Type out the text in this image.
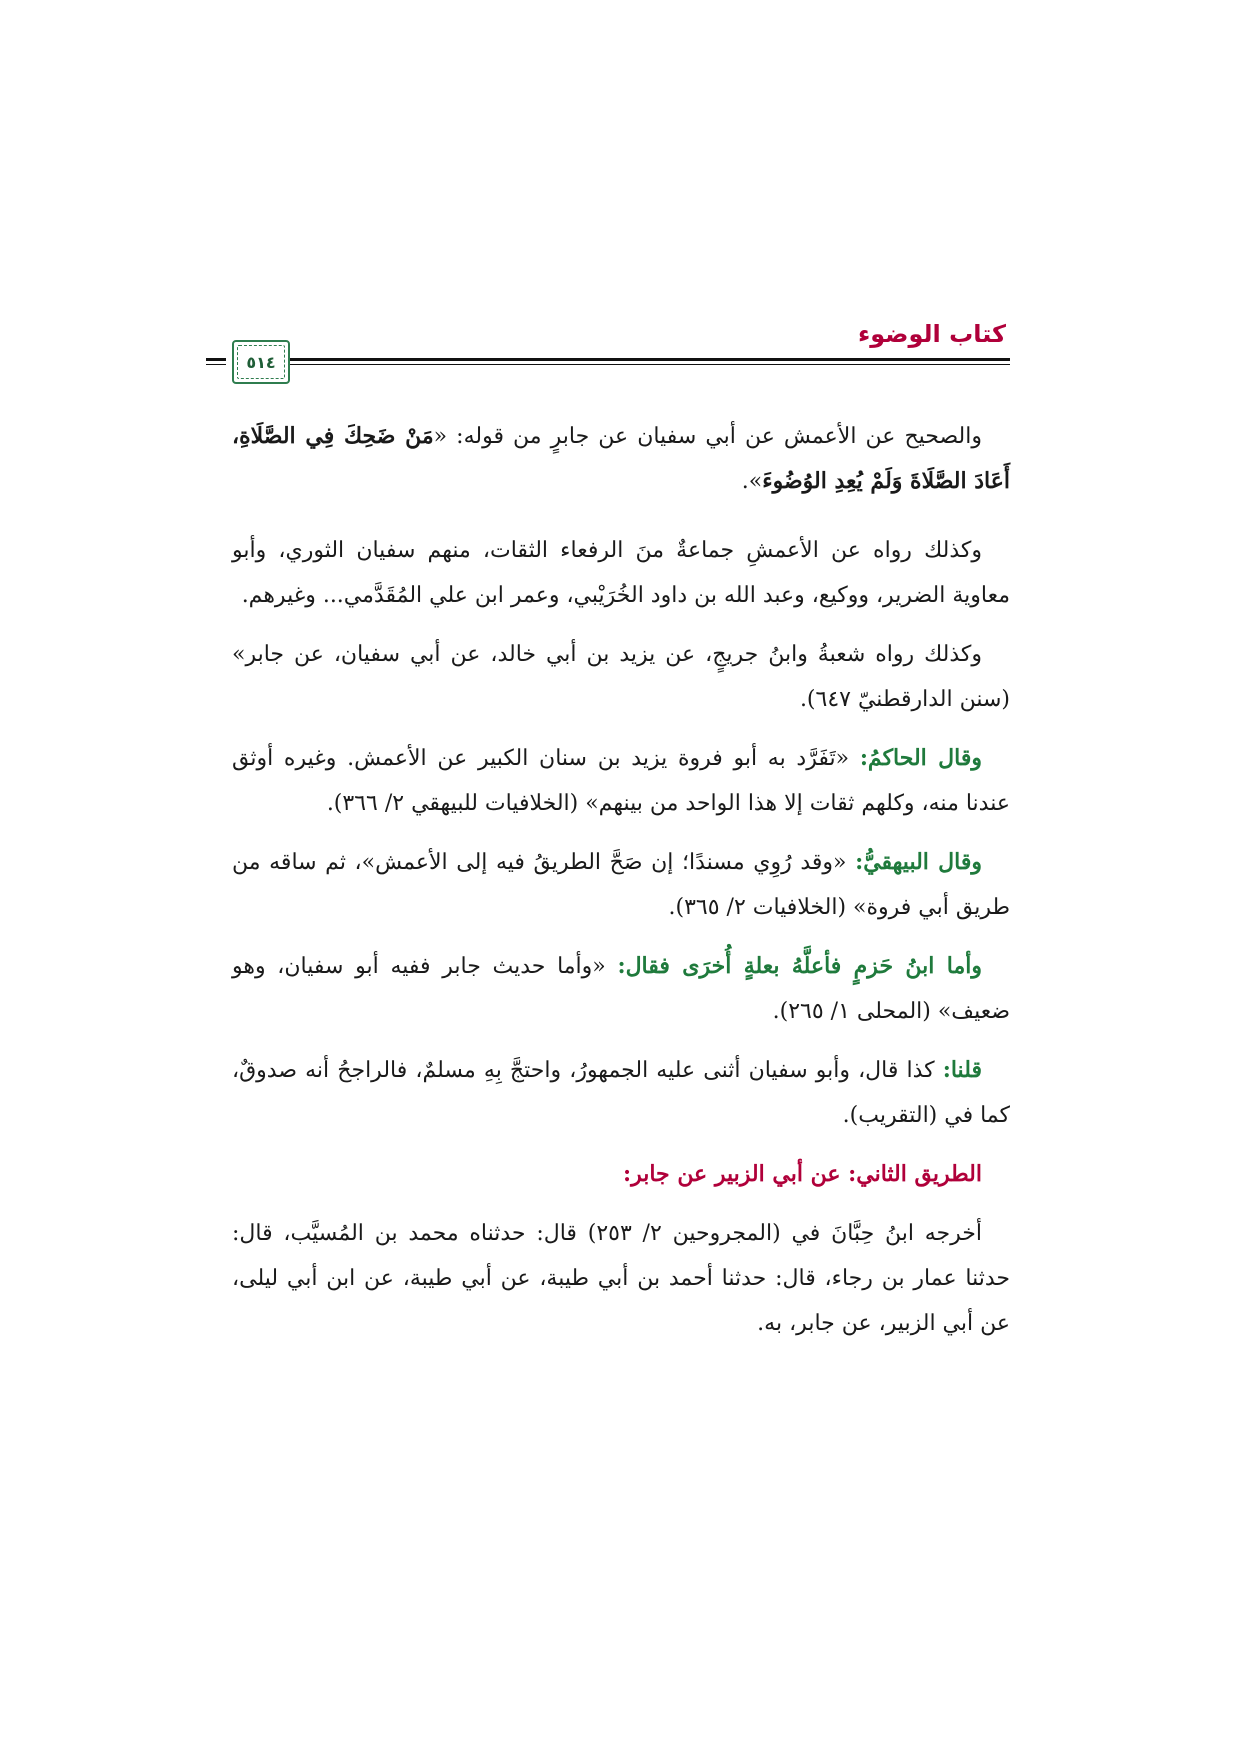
كتاب الوضوء
٥١٤

والصحيح عن الأعمش عن أبي سفيان عن جابرٍ من قوله: «مَنْ ضَحِكَ فِي الصَّلَاةِ، أَعَادَ الصَّلَاةَ وَلَمْ يُعِدِ الوُضُوءَ».

وكذلك رواه عن الأعمشِ جماعةٌ منَ الرفعاء الثقات، منهم سفيان الثوري، وأبو معاوية الضرير، ووكيع، وعبد الله بن داود الخُرَيْبي، وعمر ابن علي المُقَدَّمي... وغيرهم.

وكذلك رواه شعبةُ وابنُ جريجٍ، عن يزيد بن أبي خالد، عن أبي سفيان، عن جابر» (سنن الدارقطنيّ ٦٤٧).

وقال الحاكمُ: «تَفَرَّد به أبو فروة يزيد بن سنان الكبير عن الأعمش. وغيره أوثق عندنا منه، وكلهم ثقات إلا هذا الواحد من بينهم» (الخلافيات للبيهقي ٢/ ٣٦٦).

وقال البيهقيُّ: «وقد رُوِي مسندًا؛ إن صَحَّ الطريقُ فيه إلى الأعمش»، ثم ساقه من طريق أبي فروة» (الخلافيات ٢/ ٣٦٥).

وأما ابنُ حَزمٍ فأعلَّهُ بعلةٍ أُخرَى فقال: «وأما حديث جابر ففيه أبو سفيان، وهو ضعيف» (المحلى ١/ ٢٦٥).

قلنا: كذا قال، وأبو سفيان أثنى عليه الجمهورُ، واحتجَّ بِهِ مسلمٌ، فالراجحُ أنه صدوقٌ، كما في (التقريب).

الطريق الثاني: عن أبي الزبير عن جابر:

أخرجه ابنُ حِبَّانَ في (المجروحين ٢/ ٢٥٣) قال: حدثناه محمد بن المُسيَّب، قال: حدثنا عمار بن رجاء، قال: حدثنا أحمد بن أبي طيبة، عن أبي طيبة، عن ابن أبي ليلى، عن أبي الزبير، عن جابر، به.
